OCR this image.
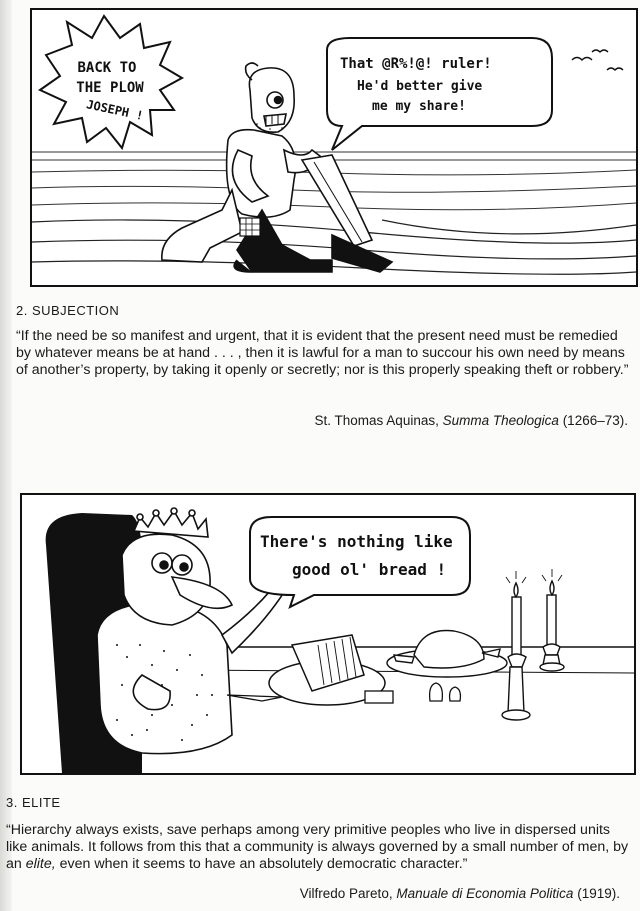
BACK TO
THE PLOW
JOSEPH !
That @R%!@! ruler!
He'd better give
me my share!
2. SUBJECTION

“If the need be so manifest and urgent, that it is evident that the present need must be remedied by whatever means be at hand . . . , then it is lawful for a man to succour his own need by means of another’s property, by taking it openly or secretly; nor is this properly speaking theft or robbery.”

St. Thomas Aquinas, Summa Theologica (1266–73).
There's nothing like
good ol' bread !
3. ELITE

“Hierarchy always exists, save perhaps among very primitive peoples who live in dispersed units like animals. It follows from this that a community is always governed by a small number of men, by an elite, even when it seems to have an absolutely democratic character.”

Vilfredo Pareto, Manuale di Economia Politica (1919).
